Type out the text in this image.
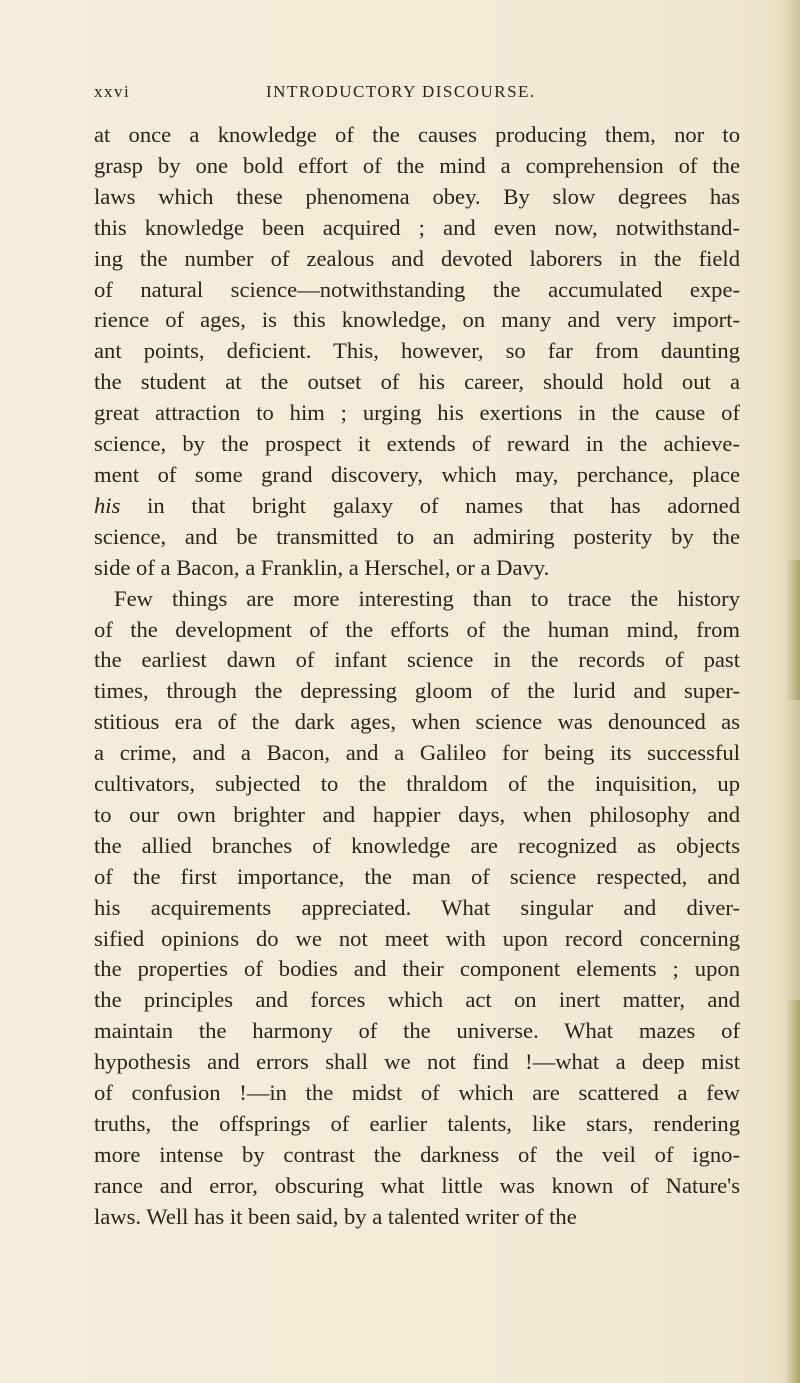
xxvi	INTRODUCTORY DISCOURSE.
at once a knowledge of the causes producing them, nor to
grasp by one bold effort of the mind a comprehension of the
laws which these phenomena obey. By slow degrees has
this knowledge been acquired ; and even now, notwithstand-
ing the number of zealous and devoted laborers in the field
of natural science—notwithstanding the accumulated expe-
rience of ages, is this knowledge, on many and very import-
ant points, deficient. This, however, so far from daunting
the student at the outset of his career, should hold out a
great attraction to him ; urging his exertions in the cause of
science, by the prospect it extends of reward in the achieve-
ment of some grand discovery, which may, perchance, place
his in that bright galaxy of names that has adorned
science, and be transmitted to an admiring posterity by the
side of a Bacon, a Franklin, a Herschel, or a Davy.
Few things are more interesting than to trace the history
of the development of the efforts of the human mind, from
the earliest dawn of infant science in the records of past
times, through the depressing gloom of the lurid and super-
stitious era of the dark ages, when science was denounced as
a crime, and a Bacon, and a Galileo for being its successful
cultivators, subjected to the thraldom of the inquisition, up
to our own brighter and happier days, when philosophy and
the allied branches of knowledge are recognized as objects
of the first importance, the man of science respected, and
his acquirements appreciated. What singular and diver-
sified opinions do we not meet with upon record concerning
the properties of bodies and their component elements ; upon
the principles and forces which act on inert matter, and
maintain the harmony of the universe. What mazes of
hypothesis and errors shall we not find !—what a deep mist
of confusion !—in the midst of which are scattered a few
truths, the offsprings of earlier talents, like stars, rendering
more intense by contrast the darkness of the veil of igno-
rance and error, obscuring what little was known of Nature's
laws. Well has it been said, by a talented writer of the
